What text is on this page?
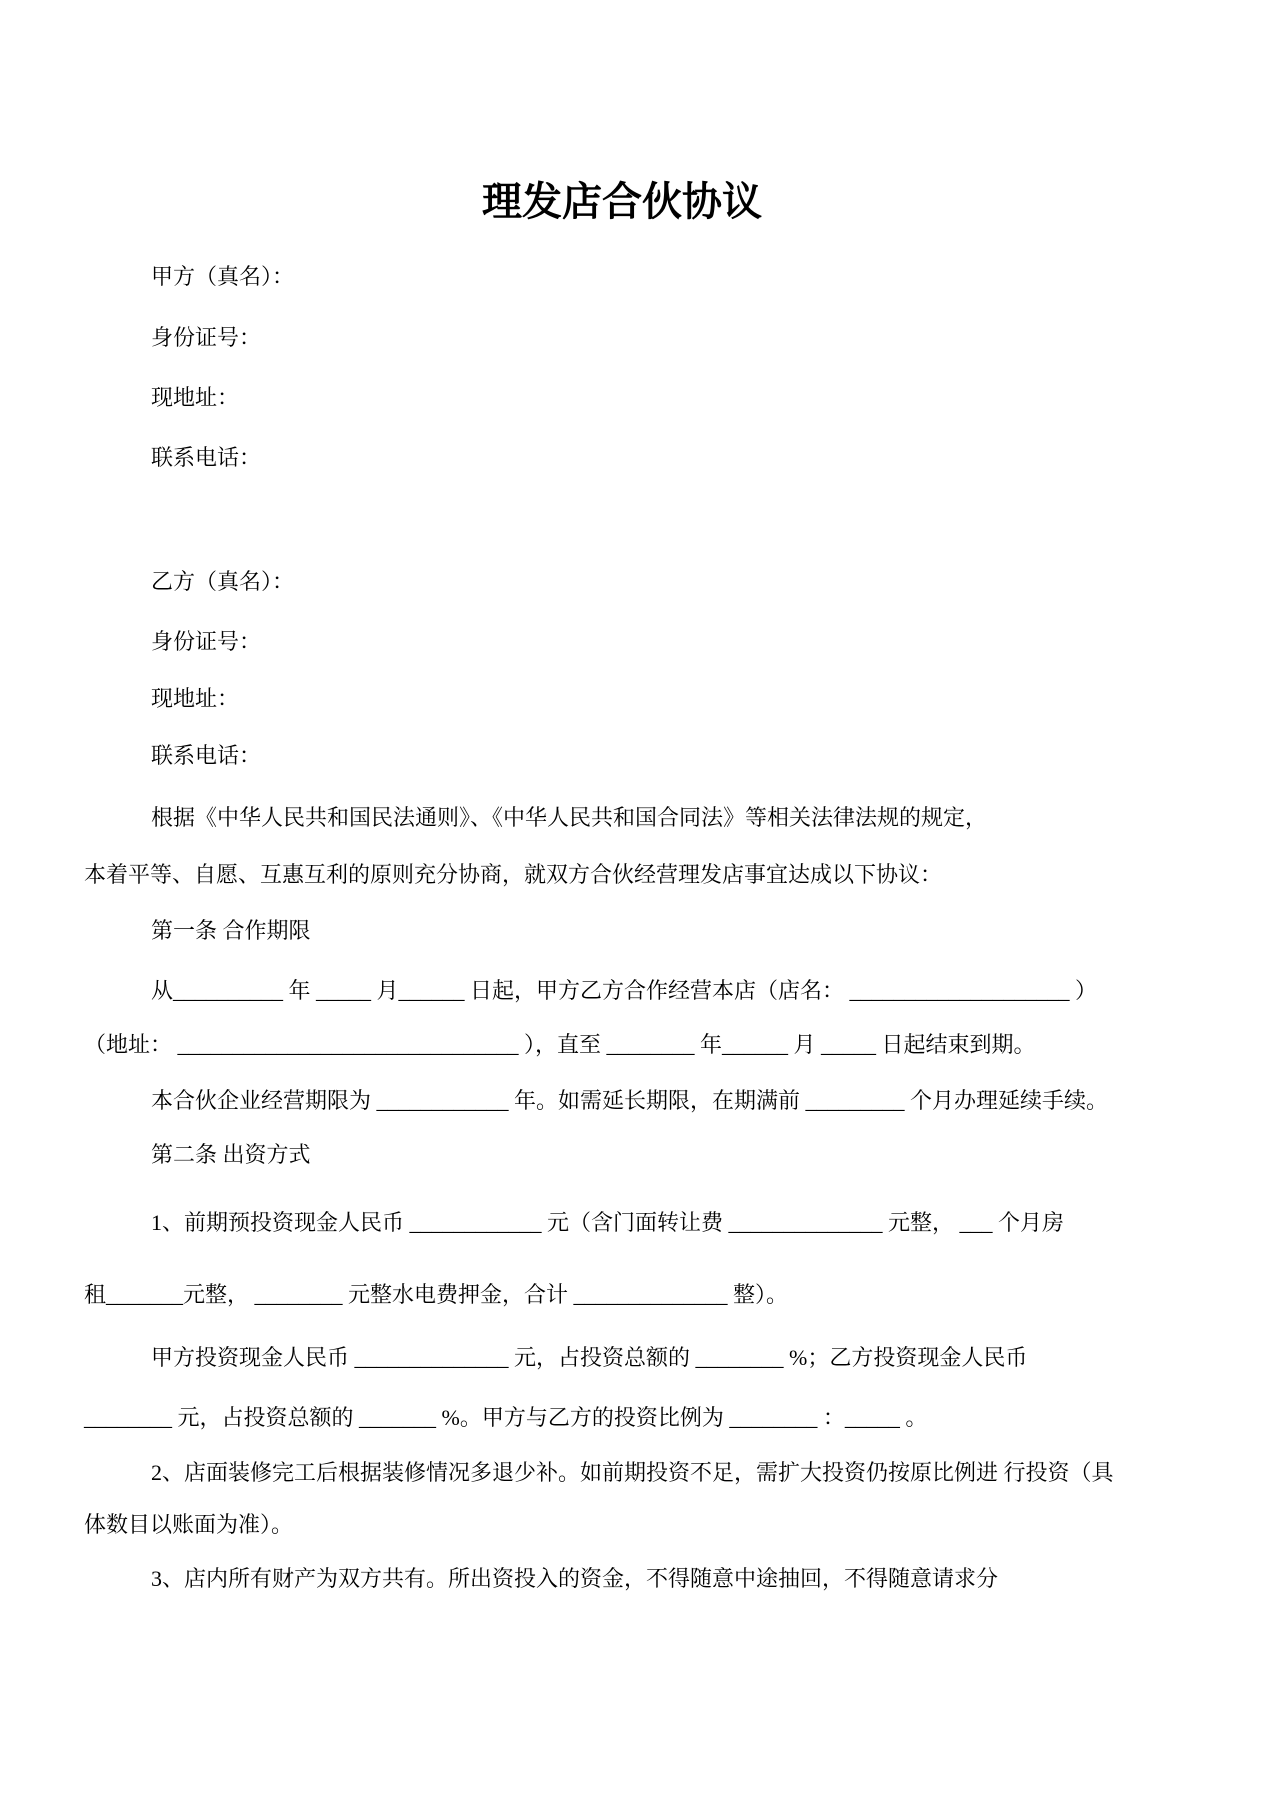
理发店合伙协议
甲方（真名）：
身份证号：
现地址：
联系电话：
乙方（真名）：
身份证号：
现地址：
联系电话：
根据《中华人民共和国民法通则》、《中华人民共和国合同法》等相关法律法规的规定，
本着平等、自愿、互惠互利的原则充分协商，就双方合伙经营理发店事宜达成以下协议：
第一条 合作期限
从__________ 年 _____ 月______ 日起，甲方乙方合作经营本店（店名： ____________________ ）
（地址： _______________________________ ），直至 ________ 年______ 月 _____ 日起结束到期。
本合伙企业经营期限为 ____________ 年。如需延长期限，在期满前 _________ 个月办理延续手续。
第二条 出资方式
1、前期预投资现金人民币 ____________ 元（含门面转让费 ______________ 元整， ___ 个月房
租_______元整， ________ 元整水电费押金，合计 ______________ 整）。
甲方投资现金人民币 ______________ 元，占投资总额的 ________ %；乙方投资现金人民币
________ 元，占投资总额的 _______ %。甲方与乙方的投资比例为 ________ ：_____ 。
2、店面装修完工后根据装修情况多退少补。如前期投资不足，需扩大投资仍按原比例进 行投资（具
体数目以账面为准）。
3、店内所有财产为双方共有。所出资投入的资金，不得随意中途抽回，不得随意请求分
